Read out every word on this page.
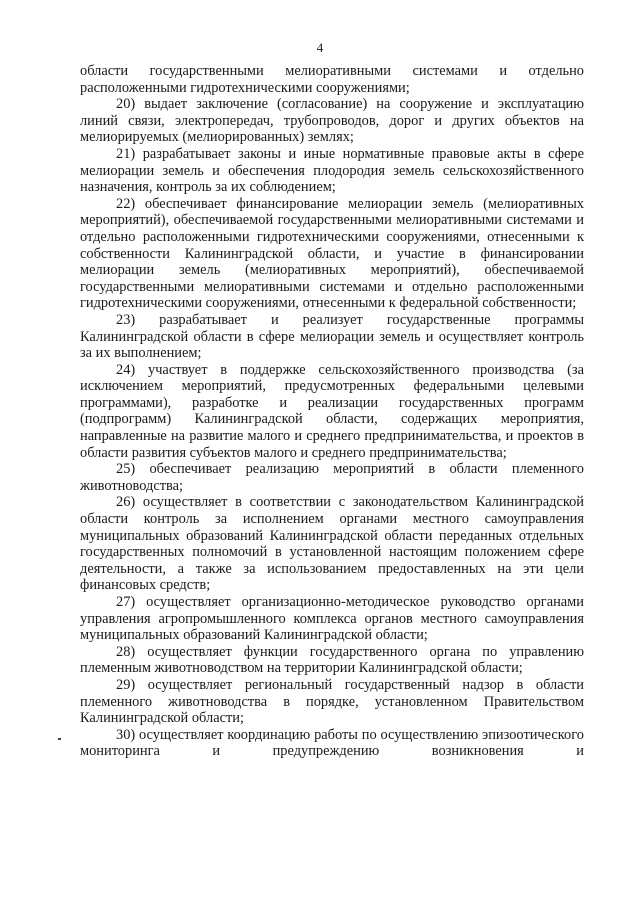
4

области государственными мелиоративными системами и отдельно расположенными гидротехническими сооружениями;

20) выдает заключение (согласование) на сооружение и эксплуатацию линий связи, электропередач, трубопроводов, дорог и других объектов на мелиорируемых (мелиорированных) землях;

21) разрабатывает законы и иные нормативные правовые акты в сфере мелиорации земель и обеспечения плодородия земель сельскохозяйственного назначения, контроль за их соблюдением;

22) обеспечивает финансирование мелиорации земель (мелиоративных мероприятий), обеспечиваемой государственными мелиоративными системами и отдельно расположенными гидротехническими сооружениями, отнесенными к собственности Калининградской области, и участие в финансировании мелиорации земель (мелиоративных мероприятий), обеспечиваемой государственными мелиоративными системами и отдельно расположенными гидротехническими сооружениями, отнесенными к федеральной собственности;

23) разрабатывает и реализует государственные программы Калининградской области в сфере мелиорации земель и осуществляет контроль за их выполнением;

24) участвует в поддержке сельскохозяйственного производства (за исключением мероприятий, предусмотренных федеральными целевыми программами), разработке и реализации государственных программ (подпрограмм) Калининградской области, содержащих мероприятия, направленные на развитие малого и среднего предпринимательства, и проектов в области развития субъектов малого и среднего предпринимательства;

25) обеспечивает реализацию мероприятий в области племенного животноводства;

26) осуществляет в соответствии с законодательством Калининградской области контроль за исполнением органами местного самоуправления муниципальных образований Калининградской области переданных отдельных государственных полномочий в установленной настоящим положением сфере деятельности, а также за использованием предоставленных на эти цели финансовых средств;

27) осуществляет организационно-методическое руководство органами управления агропромышленного комплекса органов местного самоуправления муниципальных образований Калининградской области;

28) осуществляет функции государственного органа по управлению племенным животноводством на территории Калининградской области;

29) осуществляет региональный государственный надзор в области племенного животноводства в порядке, установленном Правительством Калининградской области;

30) осуществляет координацию работы по осуществлению эпизоотического мониторинга и предупреждению возникновения и
